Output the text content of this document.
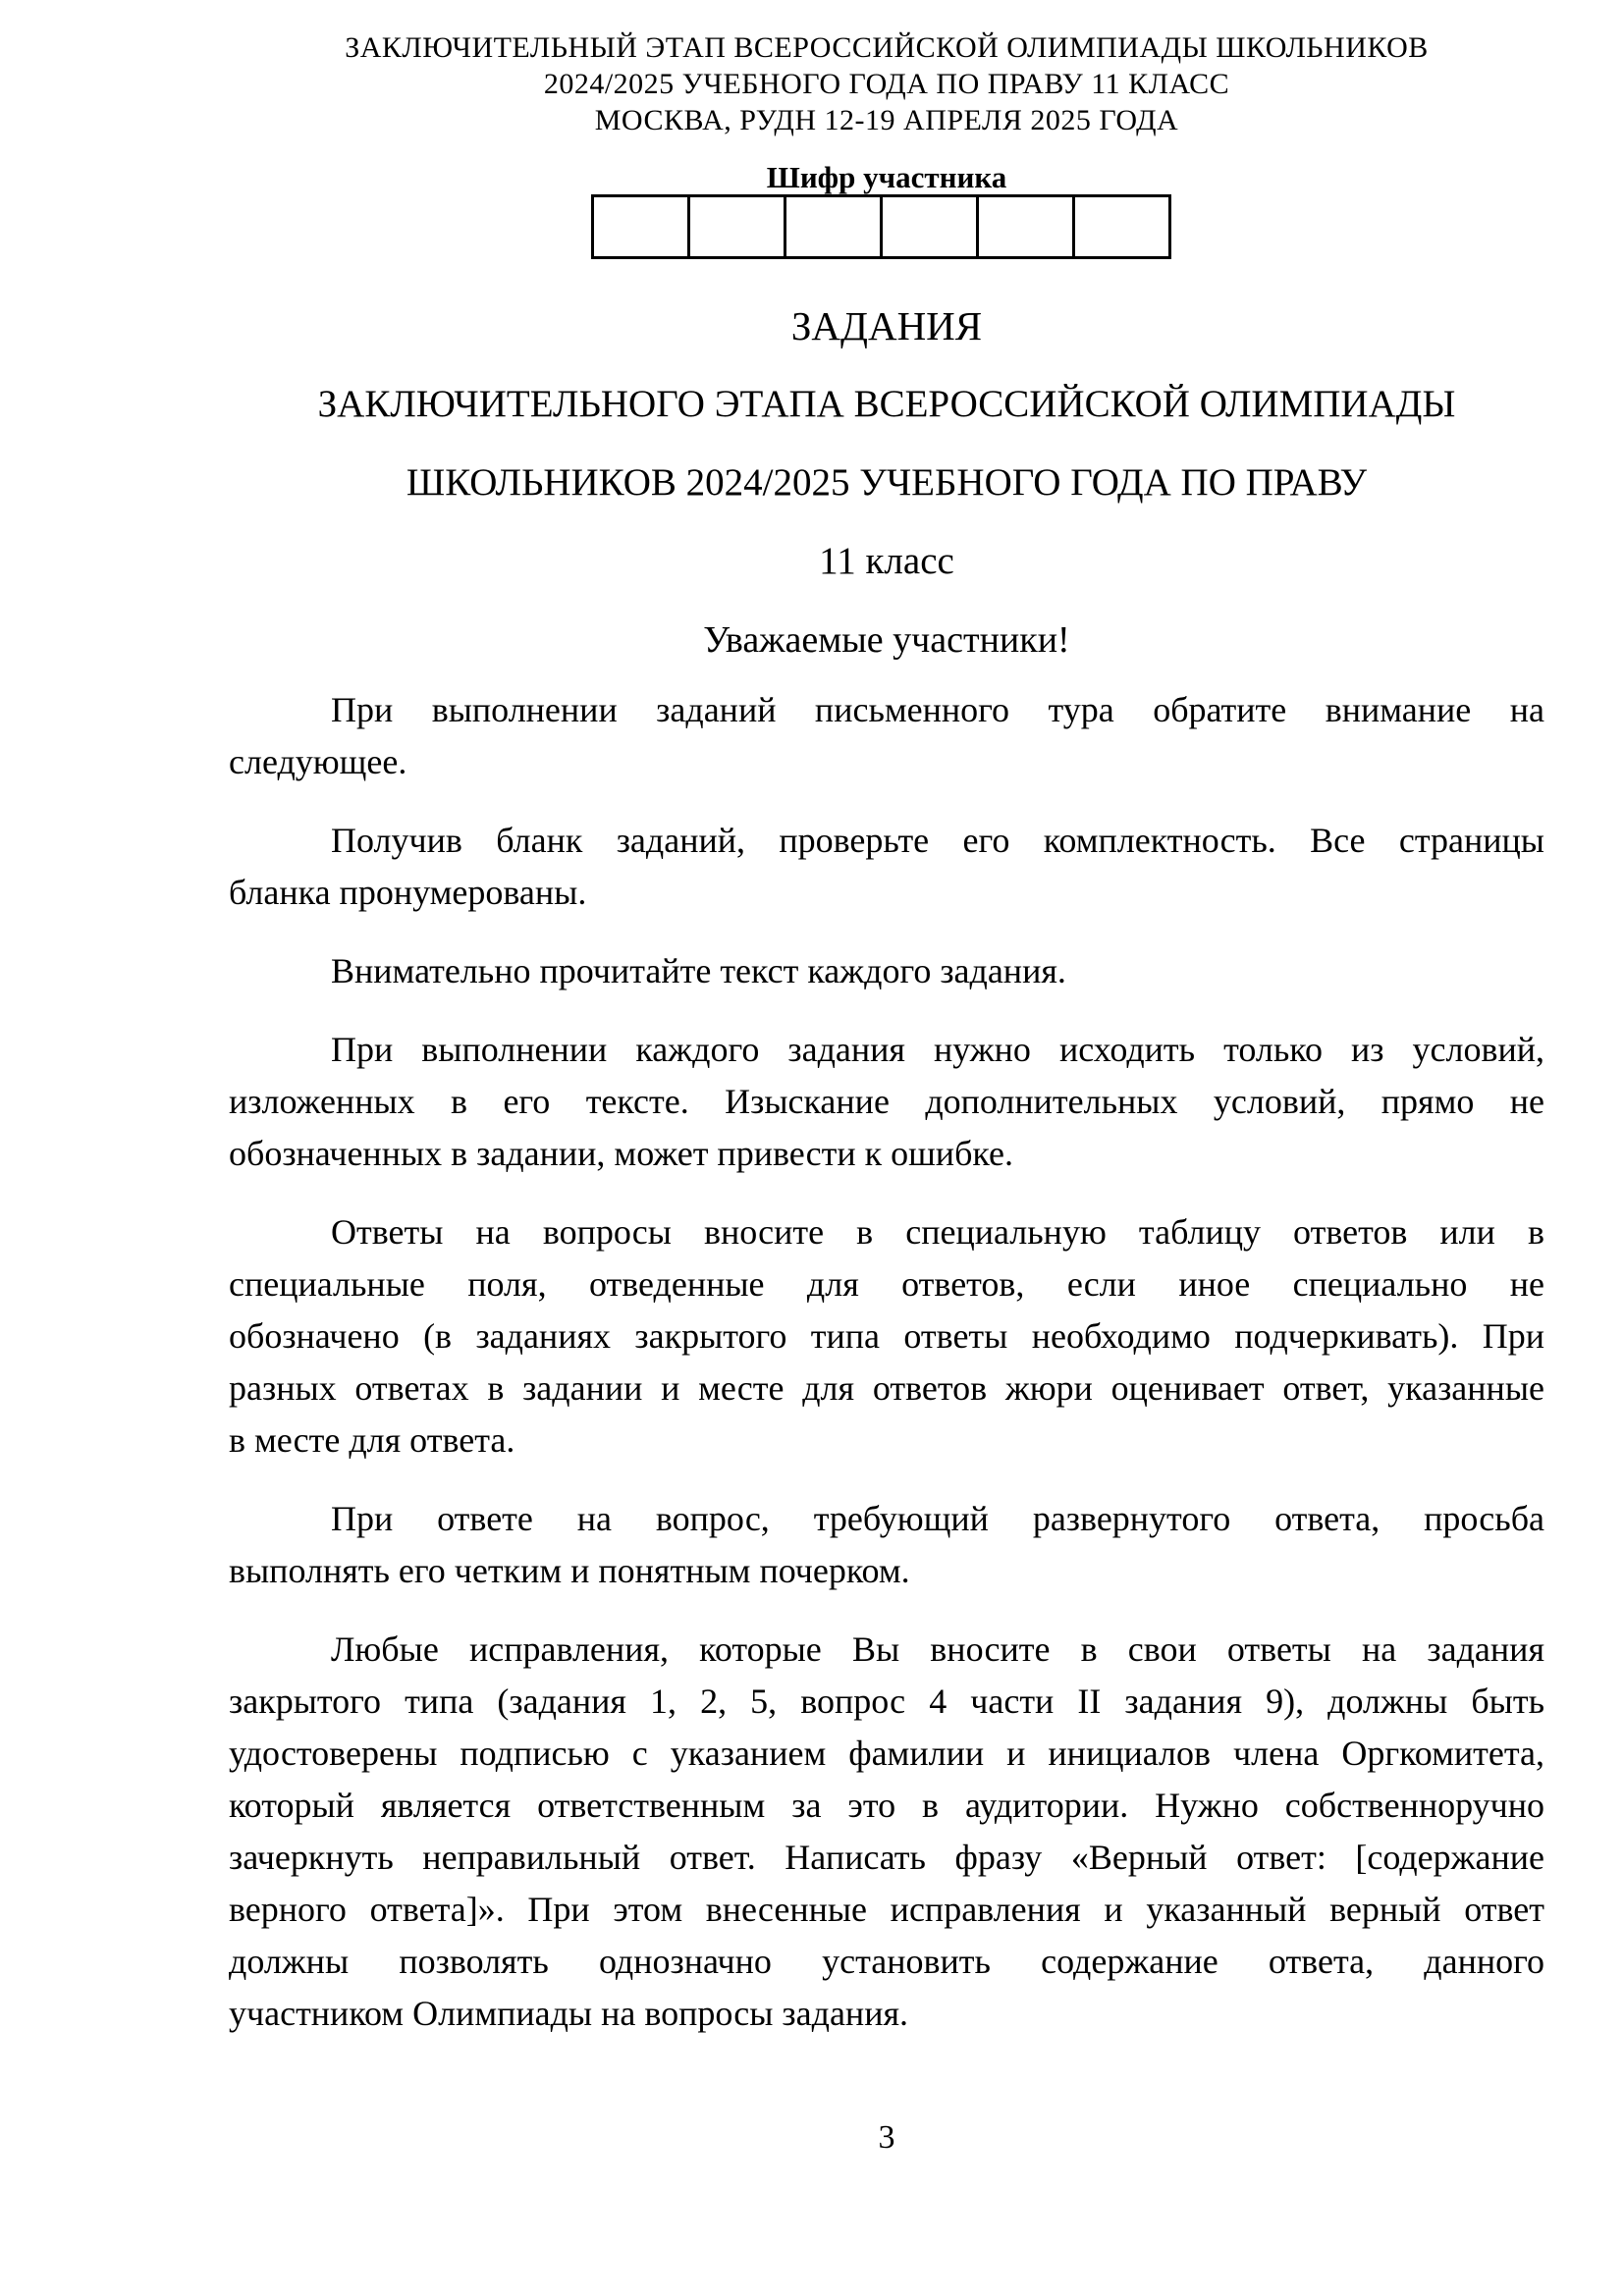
ЗАКЛЮЧИТЕЛЬНЫЙ ЭТАП ВСЕРОССИЙСКОЙ ОЛИМПИАДЫ ШКОЛЬНИКОВ
2024/2025 УЧЕБНОГО ГОДА ПО ПРАВУ 11 КЛАСС
МОСКВА, РУДН 12-19 АПРЕЛЯ 2025 ГОДА
Шифр участника

ЗАДАНИЯ
ЗАКЛЮЧИТЕЛЬНОГО ЭТАПА ВСЕРОССИЙСКОЙ ОЛИМПИАДЫ
ШКОЛЬНИКОВ 2024/2025 УЧЕБНОГО ГОДА ПО ПРАВУ
11 класс
Уважаемые участники!
При выполнении заданий письменного тура обратите внимание на
следующее.
Получив бланк заданий, проверьте его комплектность. Все страницы
бланка пронумерованы.
Внимательно прочитайте текст каждого задания.
При выполнении каждого задания нужно исходить только из условий,
изложенных в его тексте. Изыскание дополнительных условий, прямо не
обозначенных в задании, может привести к ошибке.
Ответы на вопросы вносите в специальную таблицу ответов или в
специальные поля, отведенные для ответов, если иное специально не
обозначено (в заданиях закрытого типа ответы необходимо подчеркивать). При
разных ответах в задании и месте для ответов жюри оценивает ответ, указанные
в месте для ответа.
При ответе на вопрос, требующий развернутого ответа, просьба
выполнять его четким и понятным почерком.
Любые исправления, которые Вы вносите в свои ответы на задания
закрытого типа (задания 1, 2, 5, вопрос 4 части II задания 9), должны быть
удостоверены подписью с указанием фамилии и инициалов члена Оргкомитета,
который является ответственным за это в аудитории. Нужно собственноручно
зачеркнуть неправильный ответ. Написать фразу «Верный ответ: [содержание
верного ответа]». При этом внесенные исправления и указанный верный ответ
должны позволять однозначно установить содержание ответа, данного
участником Олимпиады на вопросы задания.
3
